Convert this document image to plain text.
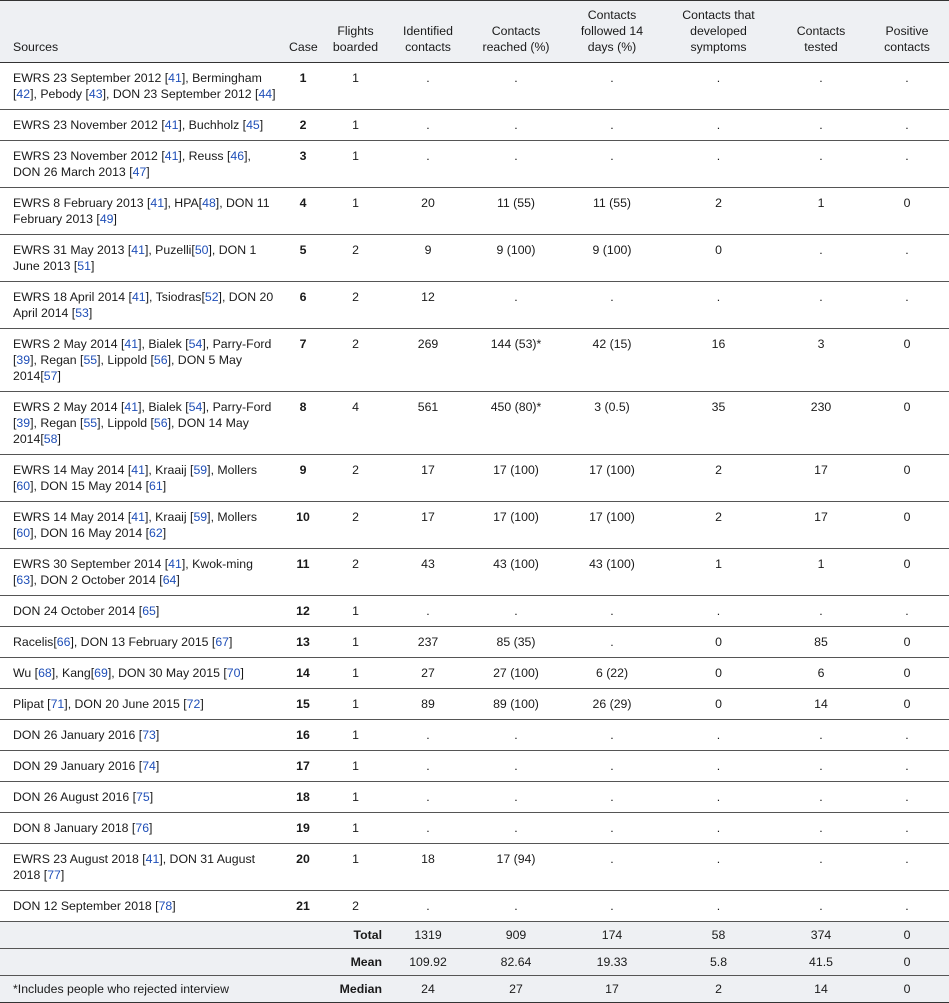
Sources	Case	Flights boarded	Identified contacts	Contacts reached (%)	Contacts followed 14 days (%)	Contacts that developed symptoms	Contacts tested	Positive contacts
EWRS 23 September 2012 [41], Bermingham [42], Pebody [43], DON 23 September 2012 [44]	1	1	.	.	.	.	.	.
EWRS 23 November 2012 [41], Buchholz [45]	2	1	.	.	.	.	.	.
EWRS 23 November 2012 [41], Reuss [46], DON 26 March 2013 [47]	3	1	.	.	.	.	.	.
EWRS 8 February 2013 [41], HPA[48], DON 11 February 2013 [49]	4	1	20	11 (55)	11 (55)	2	1	0
EWRS 31 May 2013 [41], Puzelli[50], DON 1 June 2013 [51]	5	2	9	9 (100)	9 (100)	0	.	.
EWRS 18 April 2014 [41], Tsiodras[52], DON 20 April 2014 [53]	6	2	12	.	.	.	.	.
EWRS 2 May 2014 [41], Bialek [54], Parry-Ford [39], Regan [55], Lippold [56], DON 5 May 2014[57]	7	2	269	144 (53)*	42 (15)	16	3	0
EWRS 2 May 2014 [41], Bialek [54], Parry-Ford [39], Regan [55], Lippold [56], DON 14 May 2014[58]	8	4	561	450 (80)*	3 (0.5)	35	230	0
EWRS 14 May 2014 [41], Kraaij [59], Mollers [60], DON 15 May 2014 [61]	9	2	17	17 (100)	17 (100)	2	17	0
EWRS 14 May 2014 [41], Kraaij [59], Mollers [60], DON 16 May 2014 [62]	10	2	17	17 (100)	17 (100)	2	17	0
EWRS 30 September 2014 [41], Kwok-ming [63], DON 2 October 2014 [64]	11	2	43	43 (100)	43 (100)	1	1	0
DON 24 October 2014 [65]	12	1	.	.	.	.	.	.
Racelis[66], DON 13 February 2015 [67]	13	1	237	85 (35)	.	0	85	0
Wu [68], Kang[69], DON 30 May 2015 [70]	14	1	27	27 (100)	6 (22)	0	6	0
Plipat [71], DON 20 June 2015 [72]	15	1	89	89 (100)	26 (29)	0	14	0
DON 26 January 2016 [73]	16	1	.	.	.	.	.	.
DON 29 January 2016 [74]	17	1	.	.	.	.	.	.
DON 26 August 2016 [75]	18	1	.	.	.	.	.	.
DON 8 January 2018 [76]	19	1	.	.	.	.	.	.
EWRS 23 August 2018 [41], DON 31 August 2018 [77]	20	1	18	17 (94)	.	.	.	.
DON 12 September 2018 [78]	21	2	.	.	.	.	.	.
	Total		1319	909	174	58	374	0
	Mean		109.92	82.64	19.33	5.8	41.5	0
*Includes people who rejected interview	Median		24	27	17	2	14	0
